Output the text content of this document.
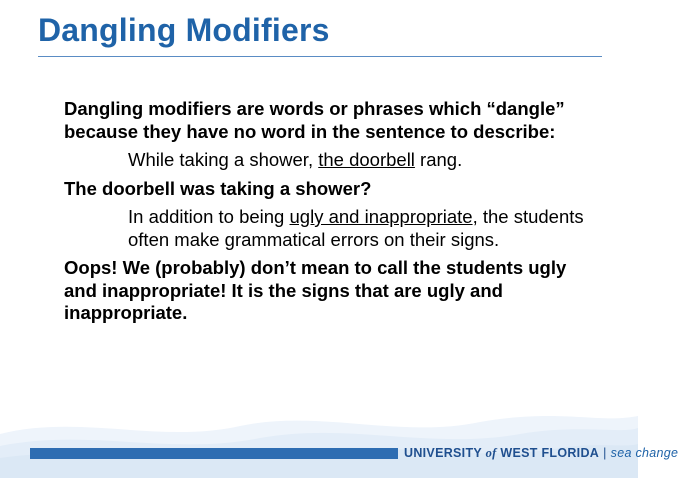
Dangling Modifiers

Dangling modifiers are words or phrases which “dangle” because they have no word in the sentence to describe:

While taking a shower, the doorbell rang.

The doorbell was taking a shower?

In addition to being ugly and inappropriate, the students often make grammatical errors on their signs.

Oops! We (probably) don’t mean to call the students ugly and inappropriate! It is the signs that are ugly and inappropriate.

UNIVERSITY of WEST FLORIDA | sea change
